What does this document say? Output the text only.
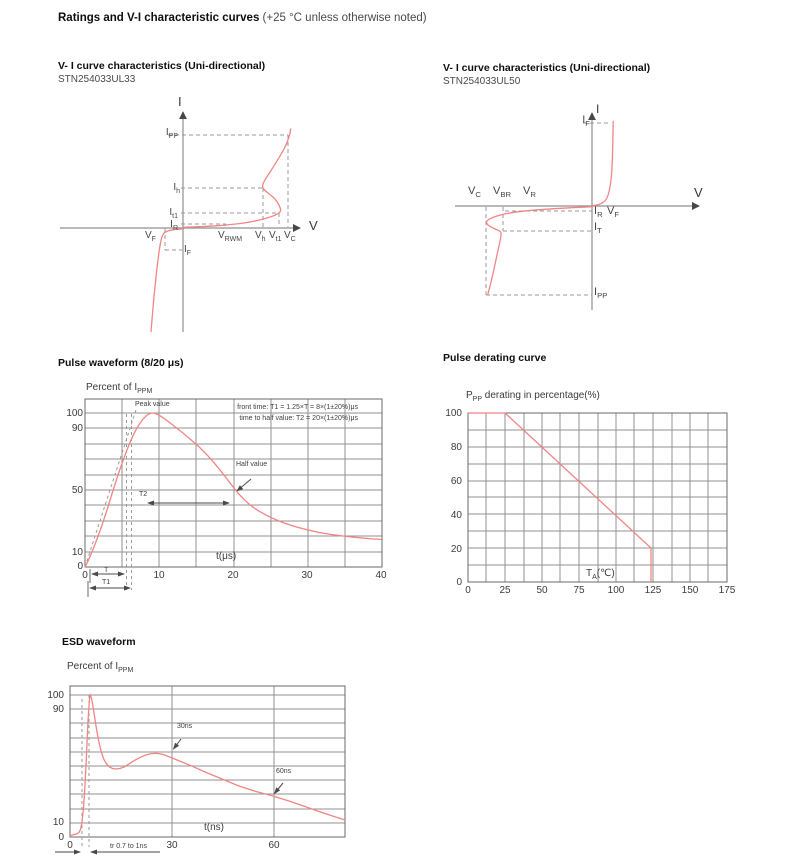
Ratings and V-I characteristic curves (+25 °C unless otherwise noted)
V- I curve characteristics (Uni-directional)
STN254033UL33
I
V
$I_{PP}$
$I_h$
$I_{t1}$
$I_R$
$V_F$	$V_{RWM}$ $V_h$ $V_{t1}$ $V_C$
$I_F$
V- I curve characteristics (Uni-directional)
STN254033UL50
I
V
$I_F$
$V_C$ $V_{BR}$ $V_R$
$I_R$ $V_F$
$I_T$
$I_{PP}$
Pulse waveform (8/20 μs)
Percent of $I_{PPM}$
100
90
50
10
0
0	10	20	30	40
t(μs)
Peak value	front time: T1 = 1.25×T = 8×(1±20%)μs
time to half value: T2 = 20×(1±20%)μs
Half value
T2
T
T1
Pulse derating curve
$P_{PP}$ derating in percentage(%)
100
80
60
40
20
0
0	25	50	75 100 125 150 175
$T_A(℃)$
ESD waveform
Percent of $I_{PPM}$
100
90
10
0
0	30	60
t(ns)
30ns
60ns
tr 0.7 to 1ns
